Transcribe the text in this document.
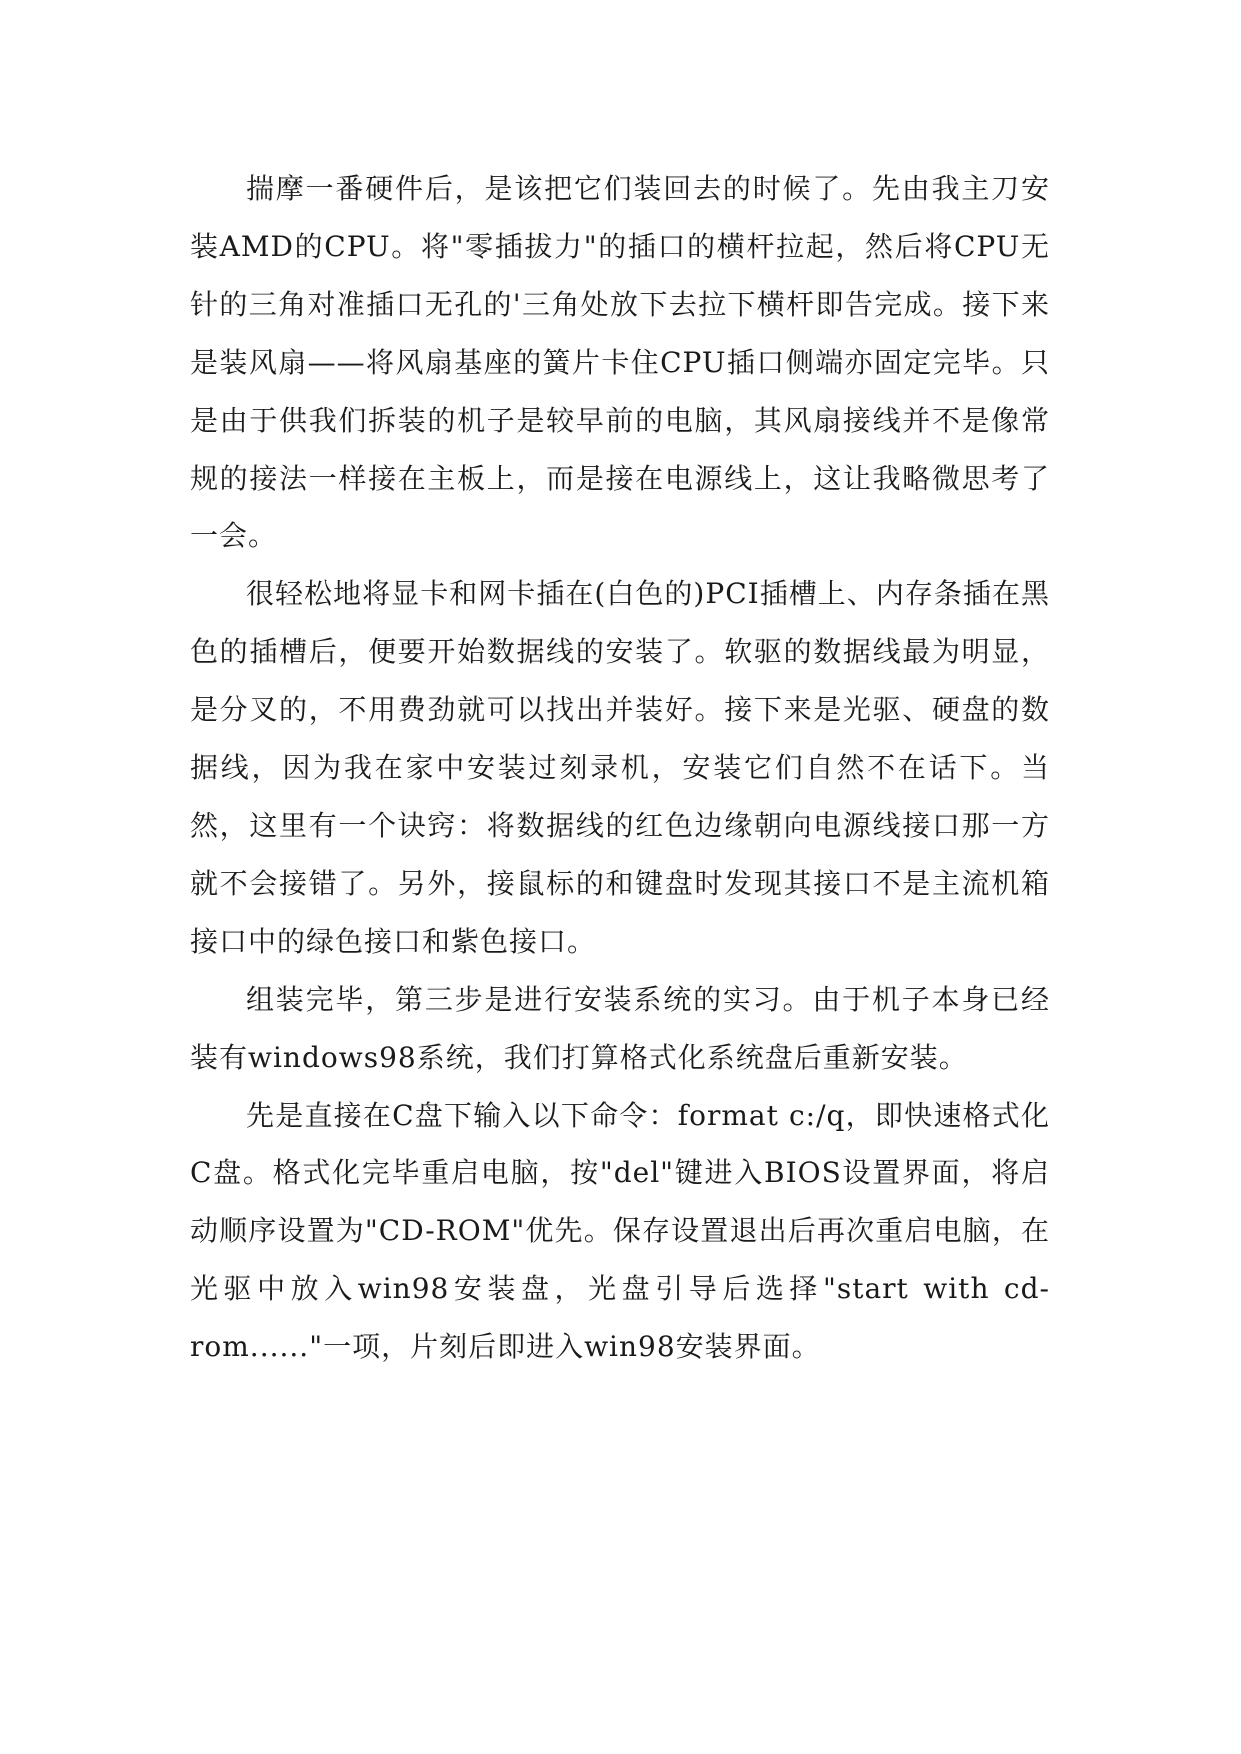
揣摩一番硬件后，是该把它们装回去的时候了。先由我主刀安装AMD的CPU。将"零插拔力"的插口的横杆拉起，然后将CPU无针的三角对准插口无孔的'三角处放下去拉下横杆即告完成。接下来是装风扇——将风扇基座的簧片卡住CPU插口侧端亦固定完毕。只是由于供我们拆装的机子是较早前的电脑，其风扇接线并不是像常规的接法一样接在主板上，而是接在电源线上，这让我略微思考了一会。

很轻松地将显卡和网卡插在(白色的)PCI插槽上、内存条插在黑色的插槽后，便要开始数据线的安装了。软驱的数据线最为明显，是分叉的，不用费劲就可以找出并装好。接下来是光驱、硬盘的数据线，因为我在家中安装过刻录机，安装它们自然不在话下。当然，这里有一个诀窍：将数据线的红色边缘朝向电源线接口那一方就不会接错了。另外，接鼠标的和键盘时发现其接口不是主流机箱接口中的绿色接口和紫色接口。

组装完毕，第三步是进行安装系统的实习。由于机子本身已经装有windows98系统，我们打算格式化系统盘后重新安装。

先是直接在C盘下输入以下命令：format c:/q，即快速格式化C盘。格式化完毕重启电脑，按"del"键进入BIOS设置界面，将启动顺序设置为"CD-ROM"优先。保存设置退出后再次重启电脑，在光驱中放入win98安装盘，光盘引导后选择"start with cd-rom......"一项，片刻后即进入win98安装界面。
